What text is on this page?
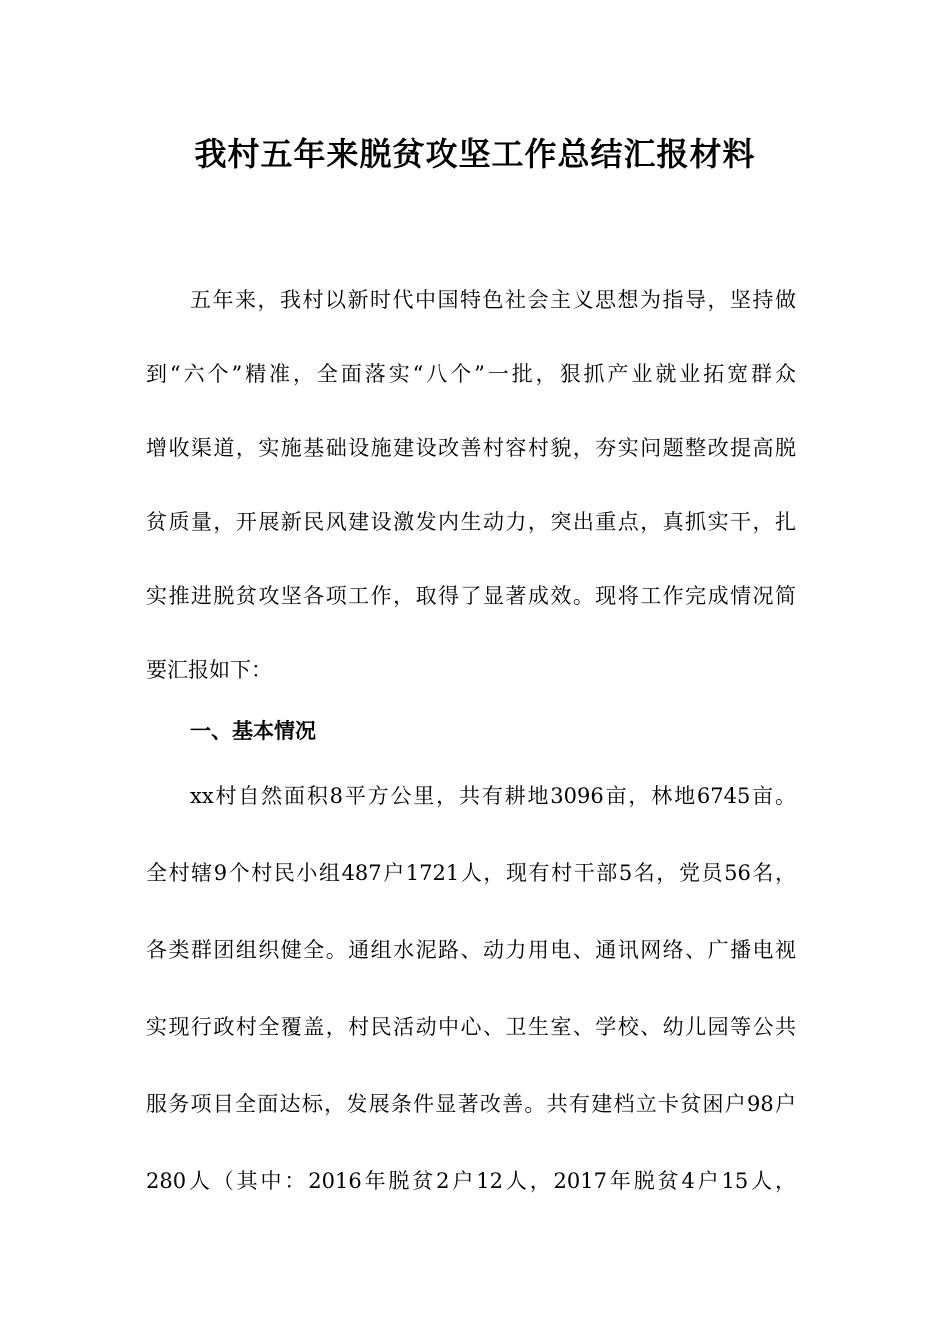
我村五年来脱贫攻坚工作总结汇报材料
五年来，我村以新时代中国特色社会主义思想为指导，坚持做
到“六个”精准，全面落实“八个”一批，狠抓产业就业拓宽群众
增收渠道，实施基础设施建设改善村容村貌，夯实问题整改提高脱
贫质量，开展新民风建设激发内生动力，突出重点，真抓实干，扎
实推进脱贫攻坚各项工作，取得了显著成效。现将工作完成情况简
要汇报如下：
一、基本情况
xx村自然面积8平方公里，共有耕地3096亩，林地6745亩。
全村辖9个村民小组487户1721人，现有村干部5名，党员56名，
各类群团组织健全。通组水泥路、动力用电、通讯网络、广播电视
实现行政村全覆盖，村民活动中心、卫生室、学校、幼儿园等公共
服务项目全面达标，发展条件显著改善。共有建档立卡贫困户98户
280人（其中：2016年脱贫2户12人，2017年脱贫4户15人，
